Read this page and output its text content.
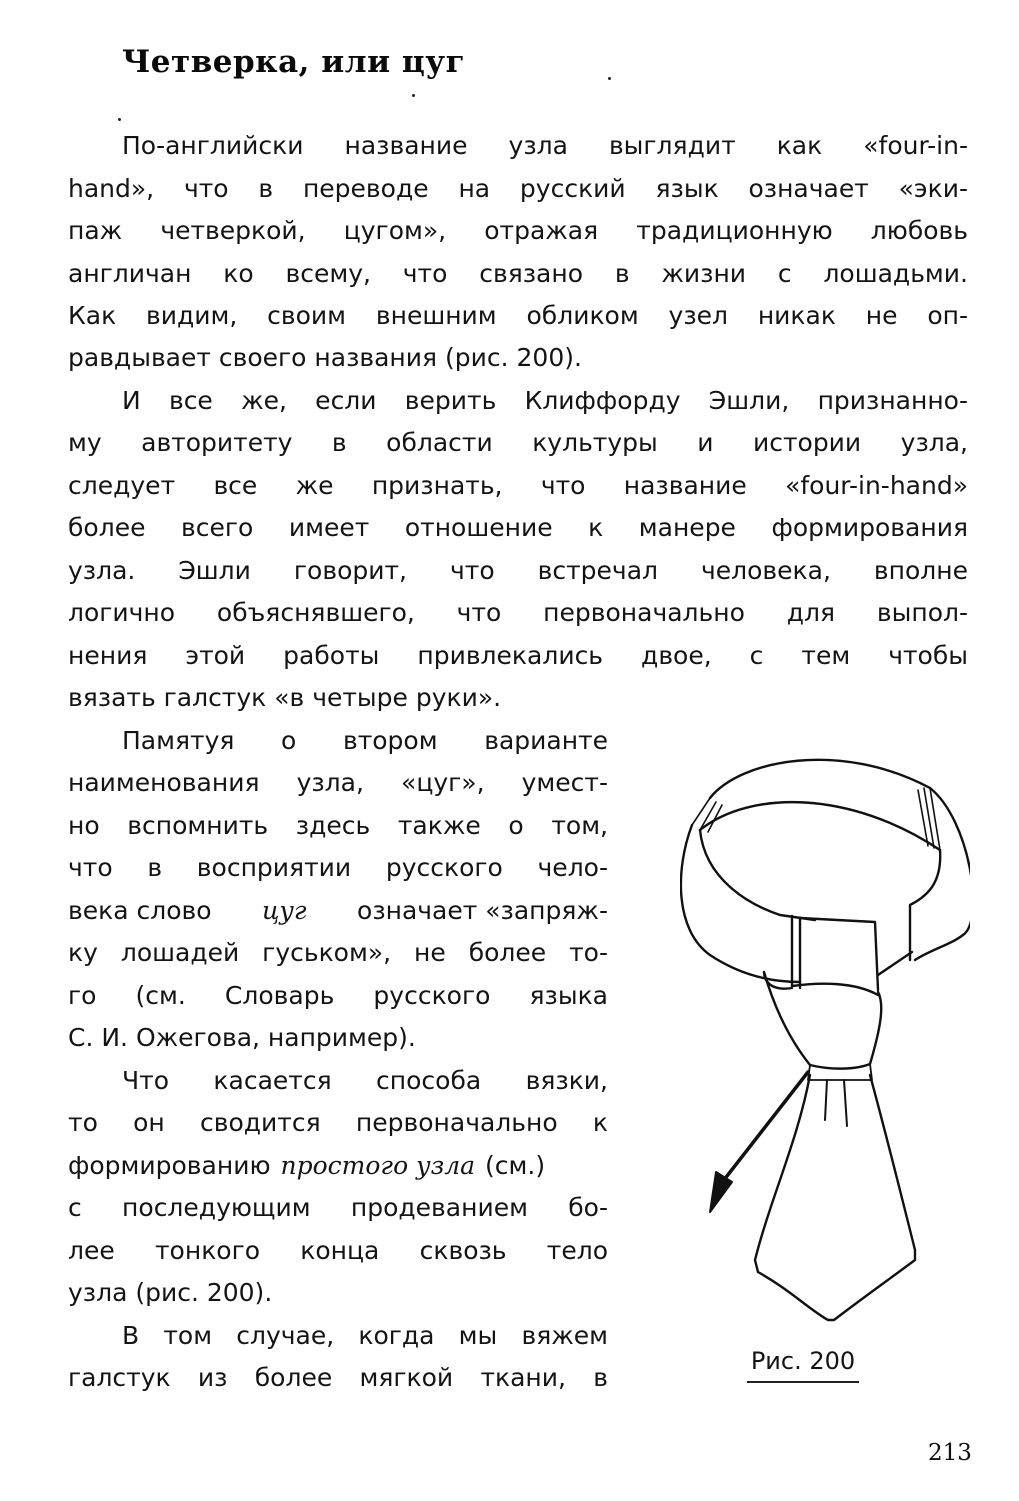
Четверка, или цуг
По-английски название узла выглядит как «four-in-
hand», что в переводе на русский язык означает «эки-
паж четверкой, цугом», отражая традиционную любовь
англичан ко всему, что связано в жизни с лошадьми.
Как видим, своим внешним обликом узел никак не оп-
равдывает своего названия (рис. 200).
И все же, если верить Клиффорду Эшли, признанно-
му авторитету в области культуры и истории узла,
следует все же признать, что название «four-in-hand»
более всего имеет отношение к манере формирования
узла. Эшли говорит, что встречал человека, вполне
логично объяснявшего, что первоначально для выпол-
нения этой работы привлекались двое, с тем чтобы
вязать галстук «в четыре руки».
Памятуя о втором варианте
наименования узла, «цуг», умест-
но вспомнить здесь также о том,
что в восприятии русского чело-
века слово цуг означает «запряж-
ку лошадей гуськом», не более то-
го (см. Словарь русского языка
С. И. Ожегова, например).
Что касается способа вязки,
то он сводится первоначально к
формированию простого узла (см.)
с последующим продеванием бо-
лее тонкого конца сквозь тело
узла (рис. 200).
В том случае, когда мы вяжем
галстук из более мягкой ткани, в
Рис. 200
213
